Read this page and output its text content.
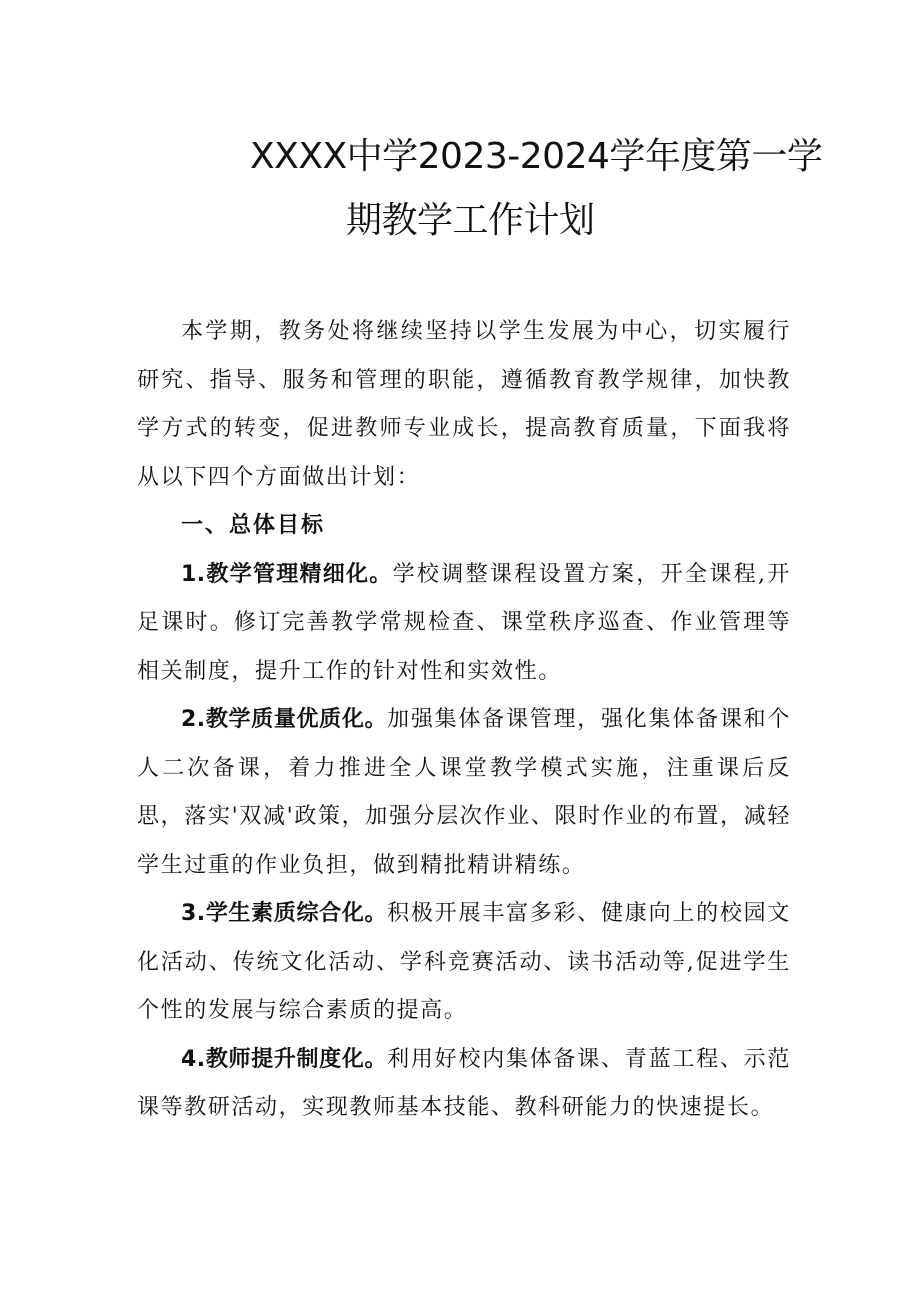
XXXX中学2023-2024学年度第一学
期教学工作计划

本学期，教务处将继续坚持以学生发展为中心，切实履行研究、指导、服务和管理的职能，遵循教育教学规律，加快教学方式的转变，促进教师专业成长，提高教育质量，下面我将从以下四个方面做出计划：

一、总体目标

1.教学管理精细化。学校调整课程设置方案，开全课程,开足课时。修订完善教学常规检查、课堂秩序巡查、作业管理等相关制度，提升工作的针对性和实效性。

2.教学质量优质化。加强集体备课管理，强化集体备课和个人二次备课，着力推进全人课堂教学模式实施，注重课后反思，落实'双减'政策，加强分层次作业、限时作业的布置，减轻学生过重的作业负担，做到精批精讲精练。

3.学生素质综合化。积极开展丰富多彩、健康向上的校园文化活动、传统文化活动、学科竞赛活动、读书活动等,促进学生个性的发展与综合素质的提高。

4.教师提升制度化。利用好校内集体备课、青蓝工程、示范课等教研活动，实现教师基本技能、教科研能力的快速提长。
